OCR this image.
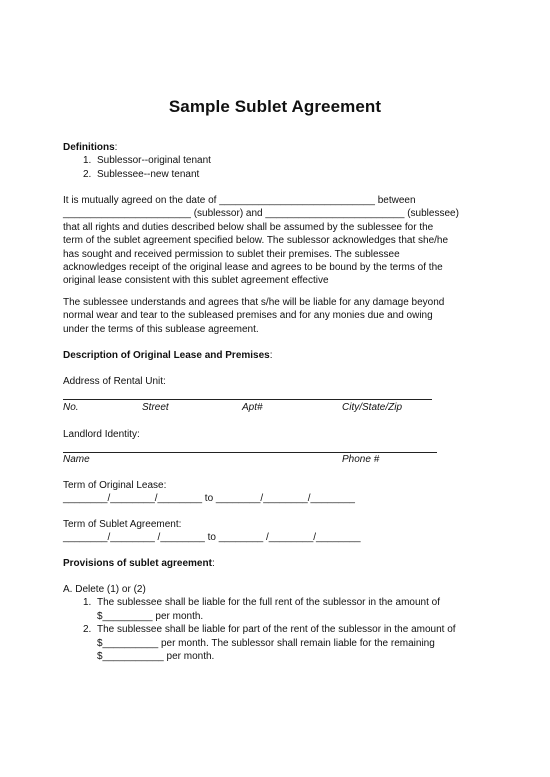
Sample Sublet Agreement
Definitions:
1. Sublessor--original tenant
2. Sublessee--new tenant
It is mutually agreed on the date of ____________________________ between
_______________________ (sublessor) and _________________________ (sublessee)
that all rights and duties described below shall be assumed by the sublessee for the
term of the sublet agreement specified below. The sublessor acknowledges that she/he
has sought and received permission to sublet their premises. The sublessee
acknowledges receipt of the original lease and agrees to be bound by the terms of the
original lease consistent with this sublet agreement effective
The sublessee understands and agrees that s/he will be liable for any damage beyond
normal wear and tear to the subleased premises and for any monies due and owing
under the terms of this sublease agreement.
Description of Original Lease and Premises:
Address of Rental Unit:
No.	Street	Apt#	City/State/Zip
Landlord Identity:
Name	Phone #
Term of Original Lease:
________/________/________ to ________/________/________
Term of Sublet Agreement:
________/________ /________ to ________ /________/________
Provisions of sublet agreement:
A. Delete (1) or (2)
1. The sublessee shall be liable for the full rent of the sublessor in the amount of
$_________ per month.
2. The sublessee shall be liable for part of the rent of the sublessor in the amount of
$__________ per month. The sublessor shall remain liable for the remaining
$___________ per month.
